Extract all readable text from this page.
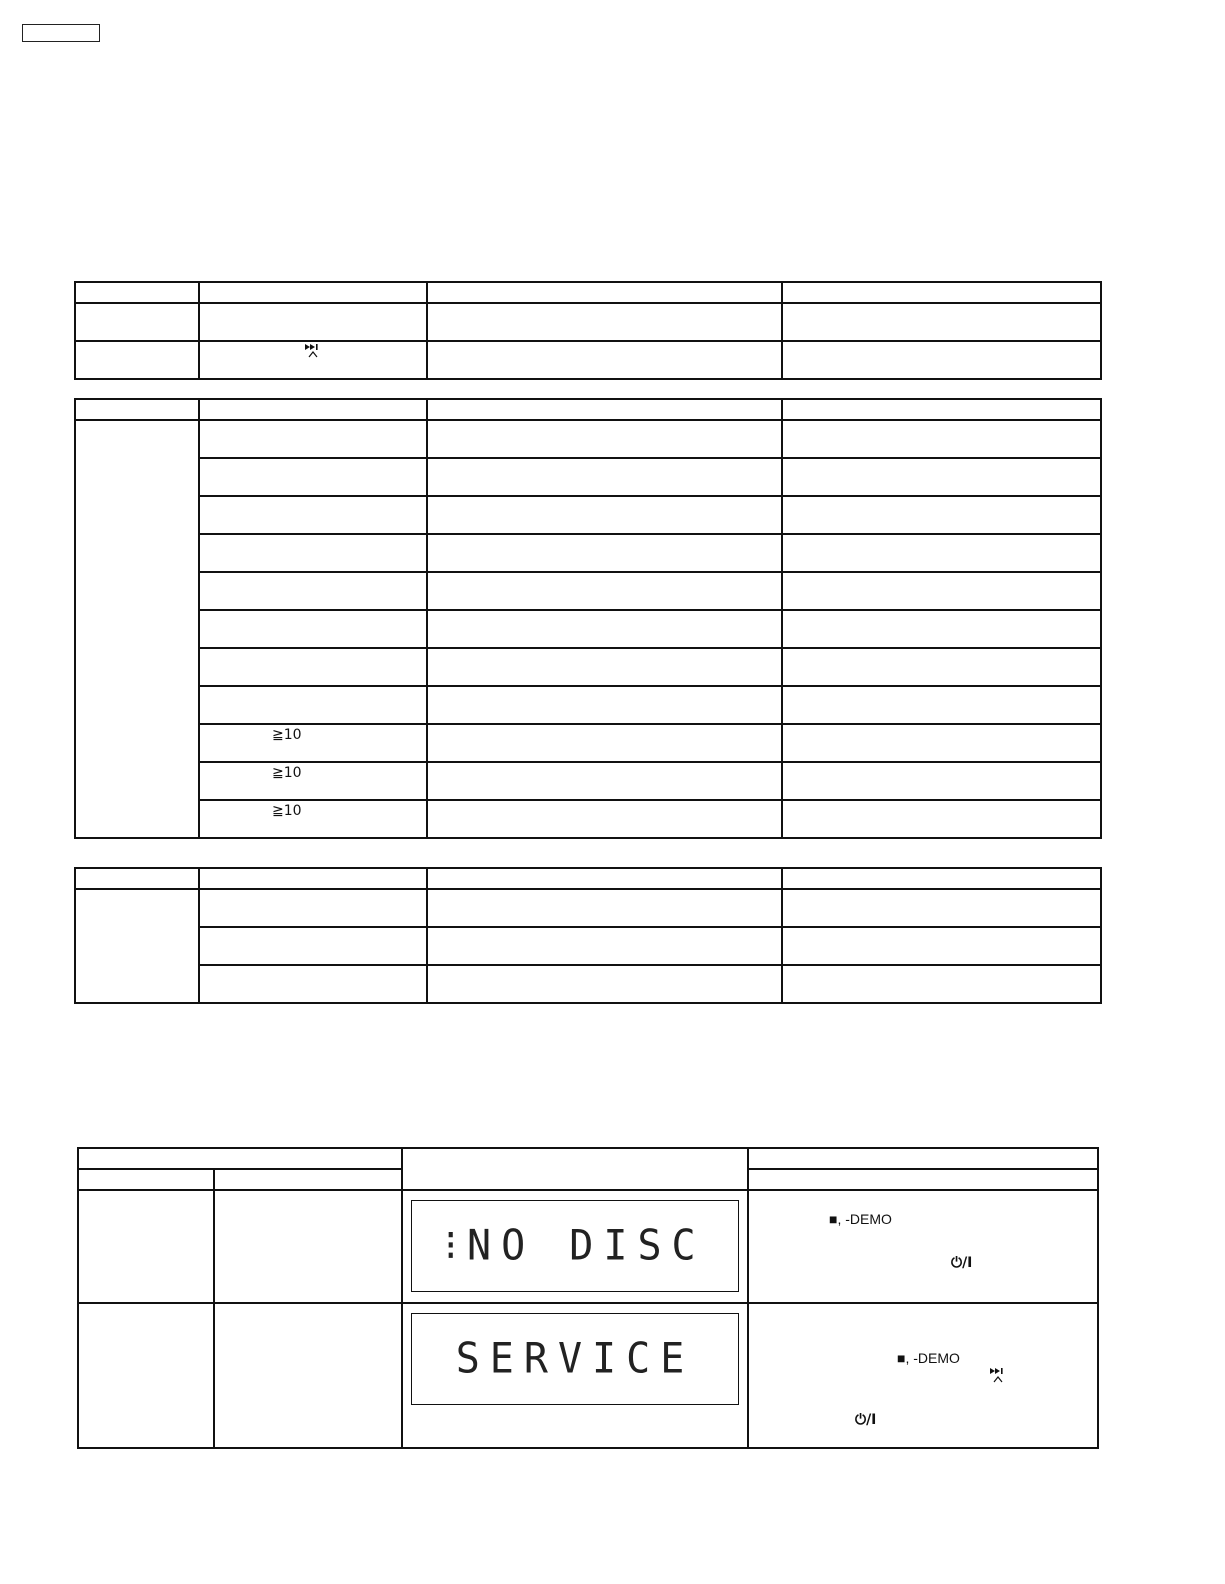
	≧10		

	≧10		

	≧10		

		⁝NO DISC	■, -DEMO
⏻/I

		SERVICE	■, -DEMO
⏻/I
